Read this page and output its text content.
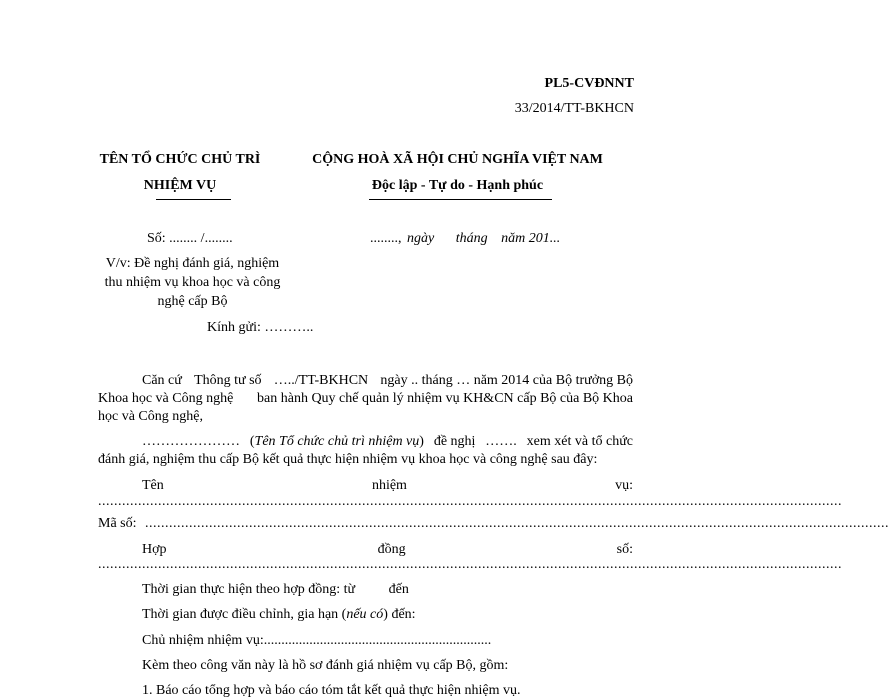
PL5-CVĐNNT
33/2014/TT-BKHCN
TÊN TỔ CHỨC CHỦ TRÌ
NHIỆM VỤ
CỘNG HOÀ XÃ HỘI CHỦ NGHĨA VIỆT NAM
Độc lập - Tự do - Hạnh phúc
Số: ........ /........	........, ngày tháng năm 201...
V/v: Đề nghị đánh giá, nghiệm
thu nhiệm vụ khoa học và công
nghệ cấp Bộ
Kính gửi: ………..
Căn cứ Thông tư số …../TT-BKHCN ngày .. tháng … năm 2014 của Bộ trưởng Bộ
Khoa học và Công nghệ ban hành Quy chế quản lý nhiệm vụ KH&CN cấp Bộ của Bộ Khoa
học và Công nghệ,
………………… (Tên Tổ chức chủ trì nhiệm vụ) đề nghị ……. xem xét và tổ chức
đánh giá, nghiệm thu cấp Bộ kết quả thực hiện nhiệm vụ khoa học và công nghệ sau đây:
Tên	nhiệm	vụ:
..........................................................................................................................................................................................
Mã số: ..........................................................................................................................................................................................
Hợp	đồng	số:
..........................................................................................................................................................................................
Thời gian thực hiện theo hợp đồng: từ đến
Thời gian được điều chỉnh, gia hạn (nếu có) đến:
Chủ nhiệm nhiệm vụ:.................................................................
Kèm theo công văn này là hồ sơ đánh giá nhiệm vụ cấp Bộ, gồm:
1. Báo cáo tổng hợp và báo cáo tóm tắt kết quả thực hiện nhiệm vụ.
